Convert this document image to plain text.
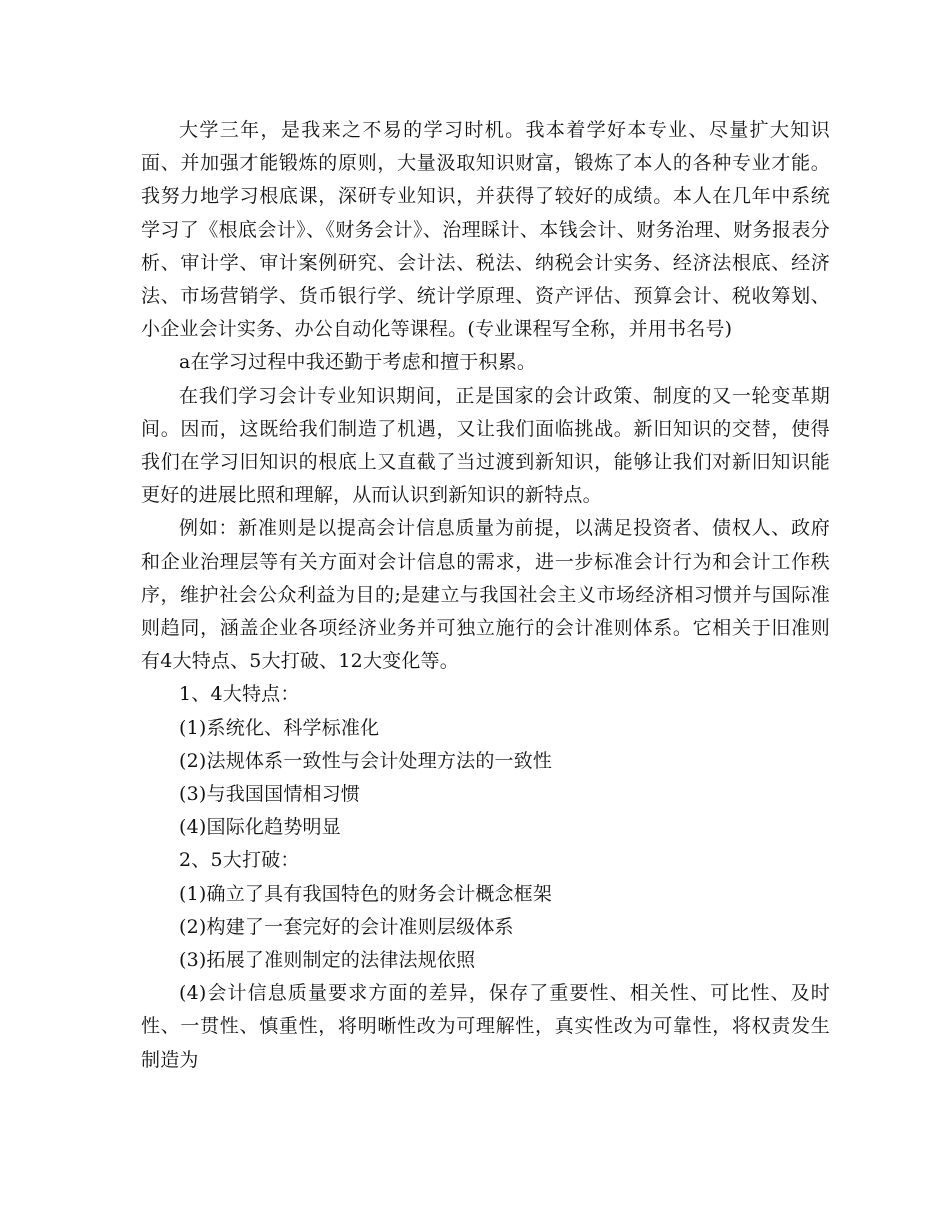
大学三年，是我来之不易的学习时机。我本着学好本专业、尽量扩大知识面、并加强才能锻炼的原则，大量汲取知识财富，锻炼了本人的各种专业才能。我努力地学习根底课，深研专业知识，并获得了较好的成绩。本人在几年中系统学习了《根底会计》、《财务会计》、治理睬计、本钱会计、财务治理、财务报表分析、审计学、审计案例研究、会计法、税法、纳税会计实务、经济法根底、经济法、市场营销学、货币银行学、统计学原理、资产评估、预算会计、税收筹划、小企业会计实务、办公自动化等课程。(专业课程写全称，并用书名号)

a在学习过程中我还勤于考虑和擅于积累。

在我们学习会计专业知识期间，正是国家的会计政策、制度的又一轮变革期间。因而，这既给我们制造了机遇，又让我们面临挑战。新旧知识的交替，使得我们在学习旧知识的根底上又直截了当过渡到新知识，能够让我们对新旧知识能更好的进展比照和理解，从而认识到新知识的新特点。

例如：新准则是以提高会计信息质量为前提，以满足投资者、债权人、政府和企业治理层等有关方面对会计信息的需求，进一步标准会计行为和会计工作秩序，维护社会公众利益为目的;是建立与我国社会主义市场经济相习惯并与国际准则趋同，涵盖企业各项经济业务并可独立施行的会计准则体系。它相关于旧准则有4大特点、5大打破、12大变化等。

1、4大特点：

(1)系统化、科学标准化

(2)法规体系一致性与会计处理方法的一致性

(3)与我国国情相习惯

(4)国际化趋势明显

2、5大打破：

(1)确立了具有我国特色的财务会计概念框架

(2)构建了一套完好的会计准则层级体系

(3)拓展了准则制定的法律法规依照

(4)会计信息质量要求方面的差异，保存了重要性、相关性、可比性、及时性、一贯性、慎重性，将明晰性改为可理解性，真实性改为可靠性，将权责发生制造为
